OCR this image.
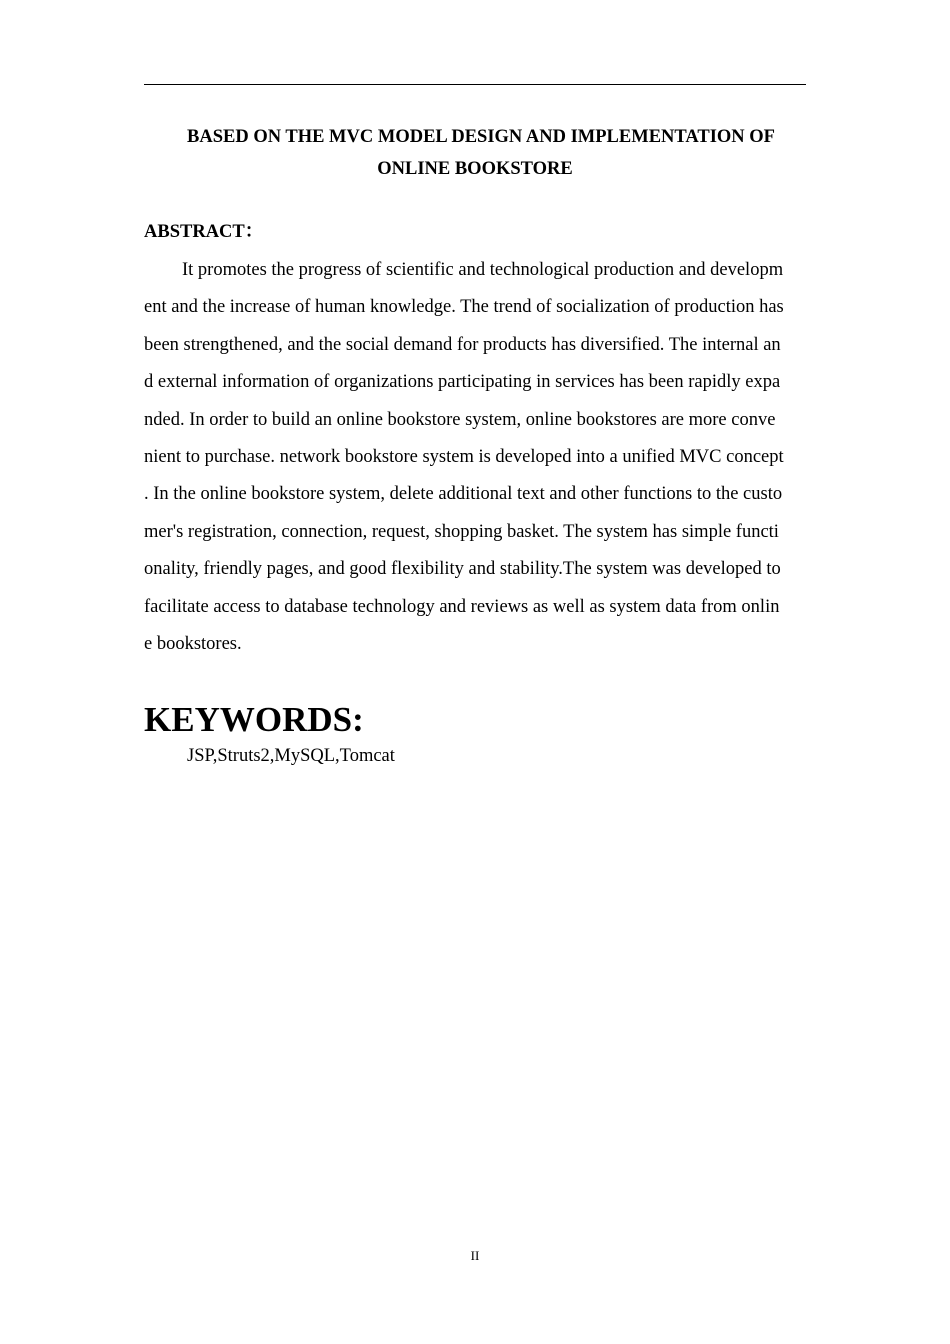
BASED ON THE MVC MODEL DESIGN AND IMPLEMENTATION OF
ONLINE BOOKSTORE

ABSTRACT：

It promotes the progress of scientific and technological production and developm
ent and the increase of human knowledge. The trend of socialization of production has
been strengthened, and the social demand for products has diversified. The internal an
d external information of organizations participating in services has been rapidly expa
nded. In order to build an online bookstore system, online bookstores are more conve
nient to purchase. network bookstore system is developed into a unified MVC concept
. In the online bookstore system, delete additional text and other functions to the custo
mer's registration, connection, request, shopping basket. The system has simple functi
onality, friendly pages, and good flexibility and stability.The system was developed to
facilitate access to database technology and reviews as well as system data from onlin
e bookstores.

KEYWORDS:

JSP,Struts2,MySQL,Tomcat

II
